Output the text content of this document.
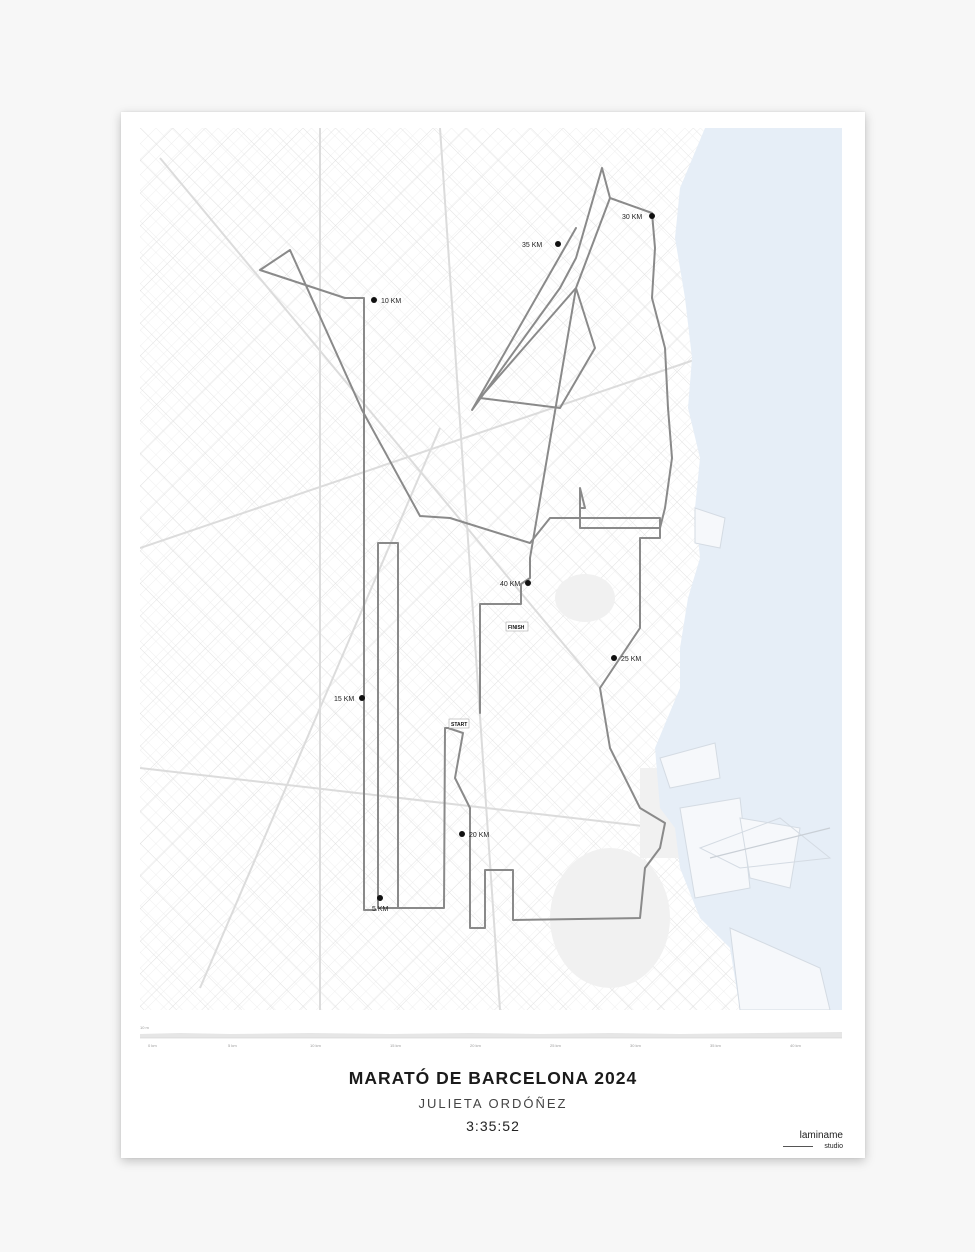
5 KM
10 KM
15 KM
20 KM
25 KM
30 KM
35 KM
40 KM
START
FINISH
10 m
0 km	5 km	10 km	15 km	20 km	25 km	30 km	35 km	40 km
MARATÓ DE BARCELONA 2024
JULIETA ORDÓÑEZ
3:35:52
laminame
studio
